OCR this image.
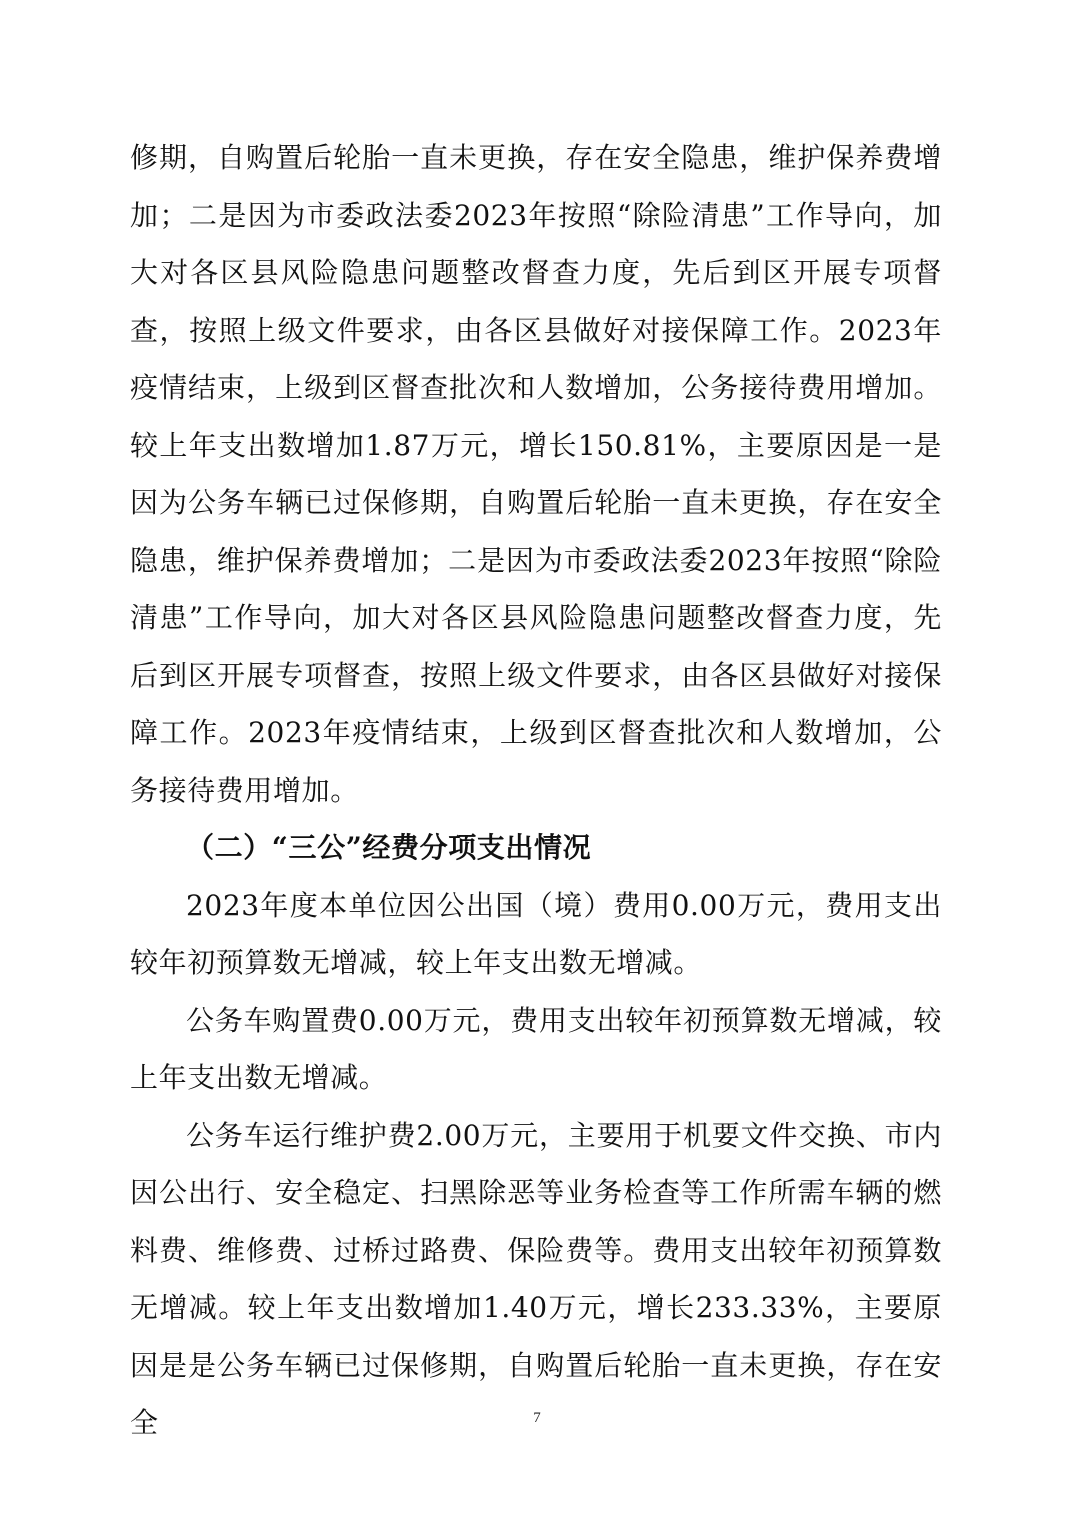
修期，自购置后轮胎一直未更换，存在安全隐患，维护保养费增加；二是因为市委政法委2023年按照“除险清患”工作导向，加大对各区县风险隐患问题整改督查力度，先后到区开展专项督查，按照上级文件要求，由各区县做好对接保障工作。2023年疫情结束，上级到区督查批次和人数增加，公务接待费用增加。较上年支出数增加1.87万元，增长150.81%，主要原因是一是因为公务车辆已过保修期，自购置后轮胎一直未更换，存在安全隐患，维护保养费增加；二是因为市委政法委2023年按照“除险清患”工作导向，加大对各区县风险隐患问题整改督查力度，先后到区开展专项督查，按照上级文件要求，由各区县做好对接保障工作。2023年疫情结束，上级到区督查批次和人数增加，公务接待费用增加。

（二）“三公”经费分项支出情况

2023年度本单位因公出国（境）费用0.00万元，费用支出较年初预算数无增减，较上年支出数无增减。

公务车购置费0.00万元，费用支出较年初预算数无增减，较上年支出数无增减。

公务车运行维护费2.00万元，主要用于机要文件交换、市内因公出行、安全稳定、扫黑除恶等业务检查等工作所需车辆的燃料费、维修费、过桥过路费、保险费等。费用支出较年初预算数无增减。较上年支出数增加1.40万元，增长233.33%，主要原因是是公务车辆已过保修期，自购置后轮胎一直未更换，存在安全	7
